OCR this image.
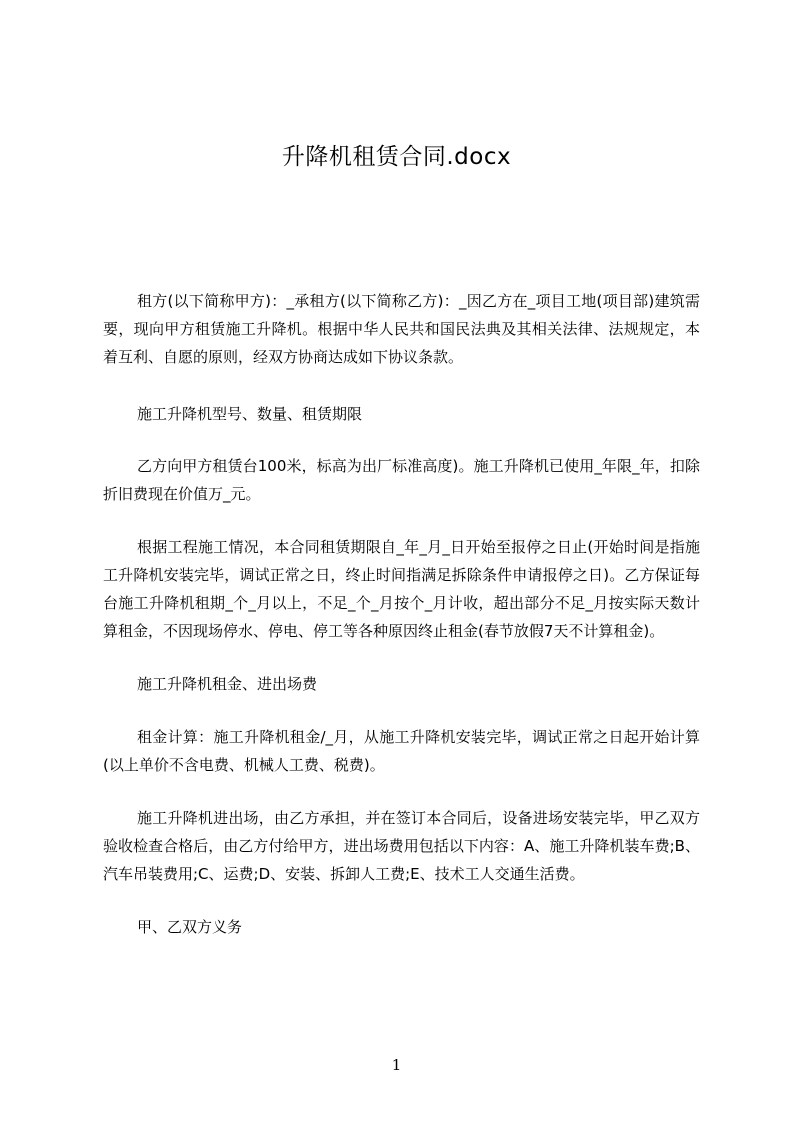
升降机租赁合同.docx

租方(以下简称甲方)：_承租方(以下简称乙方)：_因乙方在_项目工地(项目部)建筑需要，现向甲方租赁施工升降机。根据中华人民共和国民法典及其相关法律、法规规定，本着互利、自愿的原则，经双方协商达成如下协议条款。

施工升降机型号、数量、租赁期限

乙方向甲方租赁台100米，标高为出厂标准高度)。施工升降机已使用_年限_年，扣除折旧费现在价值万_元。

根据工程施工情况，本合同租赁期限自_年_月_日开始至报停之日止(开始时间是指施工升降机安装完毕，调试正常之日，终止时间指满足拆除条件申请报停之日)。乙方保证每台施工升降机租期_个_月以上，不足_个_月按个_月计收，超出部分不足_月按实际天数计算租金，不因现场停水、停电、停工等各种原因终止租金(春节放假7天不计算租金)。

施工升降机租金、进出场费

租金计算：施工升降机租金/_月，从施工升降机安装完毕，调试正常之日起开始计算(以上单价不含电费、机械人工费、税费)。

施工升降机进出场，由乙方承担，并在签订本合同后，设备进场安装完毕，甲乙双方验收检查合格后，由乙方付给甲方，进出场费用包括以下内容：A、施工升降机装车费;B、汽车吊装费用;C、运费;D、安装、拆卸人工费;E、技术工人交通生活费。

甲、乙双方义务

1
